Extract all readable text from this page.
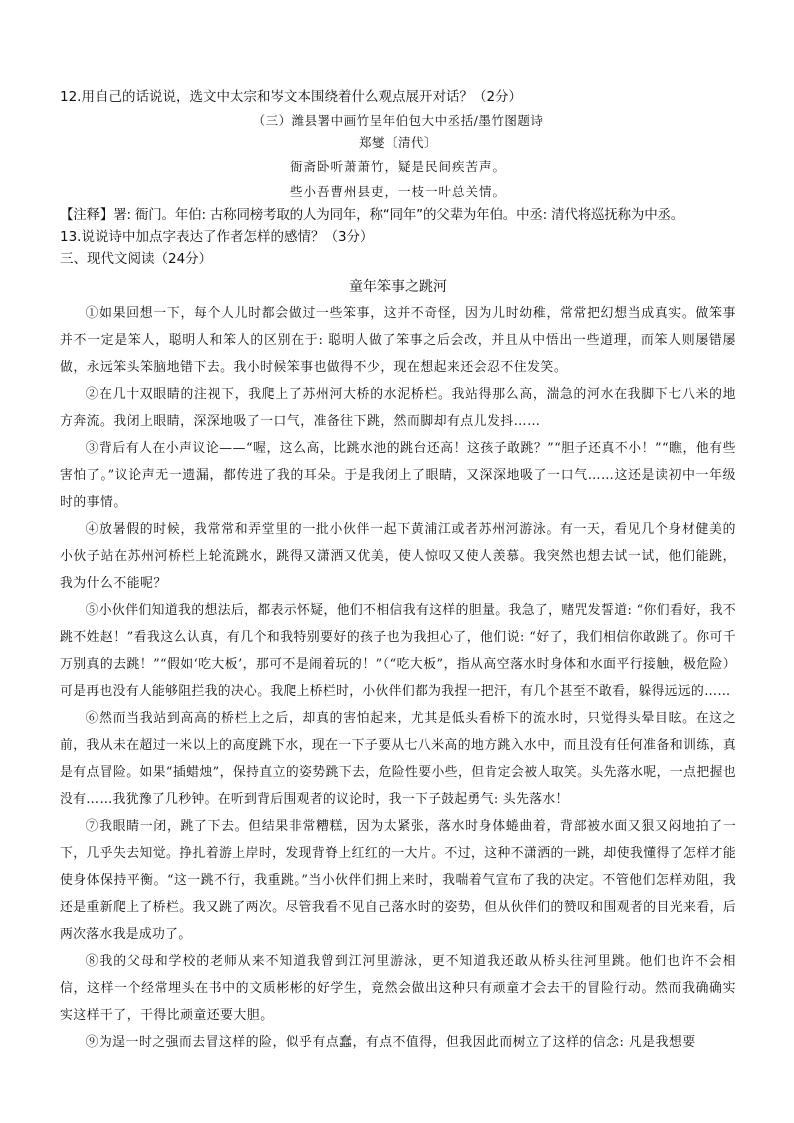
12.用自己的话说说，选文中太宗和岑文本围绕着什么观点展开对话？（2分）
（三）潍县署中画竹呈年伯包大中丞括/墨竹图题诗
郑燮〔清代〕
衙斋卧听萧萧竹，疑是民间疾苦声。
些小吾曹州县吏，一枝一叶总关情。
【注释】署: 衙门。年伯: 古称同榜考取的人为同年，称“同年”的父辈为年伯。中丞: 清代将巡抚称为中丞。
13.说说诗中加点字表达了作者怎样的感情？（3分）
三、现代文阅读（24分）
童年笨事之跳河
①如果回想一下，每个人儿时都会做过一些笨事，这并不奇怪，因为儿时幼稚，常常把幻想当成真实。做笨事并不一定是笨人，聪明人和笨人的区别在于: 聪明人做了笨事之后会改，并且从中悟出一些道理，而笨人则屡错屡做，永远笨头笨脑地错下去。我小时候笨事也做得不少，现在想起来还会忍不住发笑。
②在几十双眼睛的注视下，我爬上了苏州河大桥的水泥桥栏。我站得那么高，湍急的河水在我脚下七八米的地方奔流。我闭上眼睛，深深地吸了一口气，准备往下跳，然而脚却有点儿发抖……
③背后有人在小声议论——“喔，这么高，比跳水池的跳台还高！这孩子敢跳？”“胆子还真不小！”“瞧，他有些害怕了。”议论声无一遗漏，都传进了我的耳朵。于是我闭上了眼睛，又深深地吸了一口气……这还是读初中一年级时的事情。
④放暑假的时候，我常常和弄堂里的一批小伙伴一起下黄浦江或者苏州河游泳。有一天，看见几个身材健美的小伙子站在苏州河桥栏上轮流跳水，跳得又潇洒又优美，使人惊叹又使人羡慕。我突然也想去试一试，他们能跳，我为什么不能呢？
⑤小伙伴们知道我的想法后，都表示怀疑，他们不相信我有这样的胆量。我急了，赌咒发誓道: “你们看好，我不跳不姓赵！”看我这么认真，有几个和我特别要好的孩子也为我担心了，他们说: “好了，我们相信你敢跳了。你可千万别真的去跳！”“假如‘吃大板’，那可不是闹着玩的！”（“吃大板”，指从高空落水时身体和水面平行接触，极危险）可是再也没有人能够阻拦我的决心。我爬上桥栏时，小伙伴们都为我捏一把汗，有几个甚至不敢看，躲得远远的……
⑥然而当我站到高高的桥栏上之后，却真的害怕起来，尤其是低头看桥下的流水时，只觉得头晕目眩。在这之前，我从未在超过一米以上的高度跳下水，现在一下子要从七八米高的地方跳入水中，而且没有任何准备和训练，真是有点冒险。如果“插蜡烛”，保持直立的姿势跳下去，危险性要小些，但肯定会被人取笑。头先落水呢，一点把握也没有……我犹豫了几秒钟。在听到背后围观者的议论时，我一下子鼓起勇气: 头先落水！
⑦我眼睛一闭，跳了下去。但结果非常糟糕，因为太紧张，落水时身体蜷曲着，背部被水面又狠又闷地拍了一下，几乎失去知觉。挣扎着游上岸时，发现背脊上红红的一大片。不过，这种不潇洒的一跳，却使我懂得了怎样才能使身体保持平衡。“这一跳不行，我重跳。”当小伙伴们拥上来时，我喘着气宣布了我的决定。不管他们怎样劝阻，我还是重新爬上了桥栏。我又跳了两次。尽管我看不见自己落水时的姿势，但从伙伴们的赞叹和围观者的目光来看，后两次落水我是成功了。
⑧我的父母和学校的老师从来不知道我曾到江河里游泳，更不知道我还敢从桥头往河里跳。他们也许不会相信，这样一个经常埋头在书中的文质彬彬的好学生，竟然会做出这种只有顽童才会去干的冒险行动。然而我确确实实这样干了，干得比顽童还要大胆。
⑨为逞一时之强而去冒这样的险，似乎有点蠢，有点不值得，但我因此而树立了这样的信念: 凡是我想要
